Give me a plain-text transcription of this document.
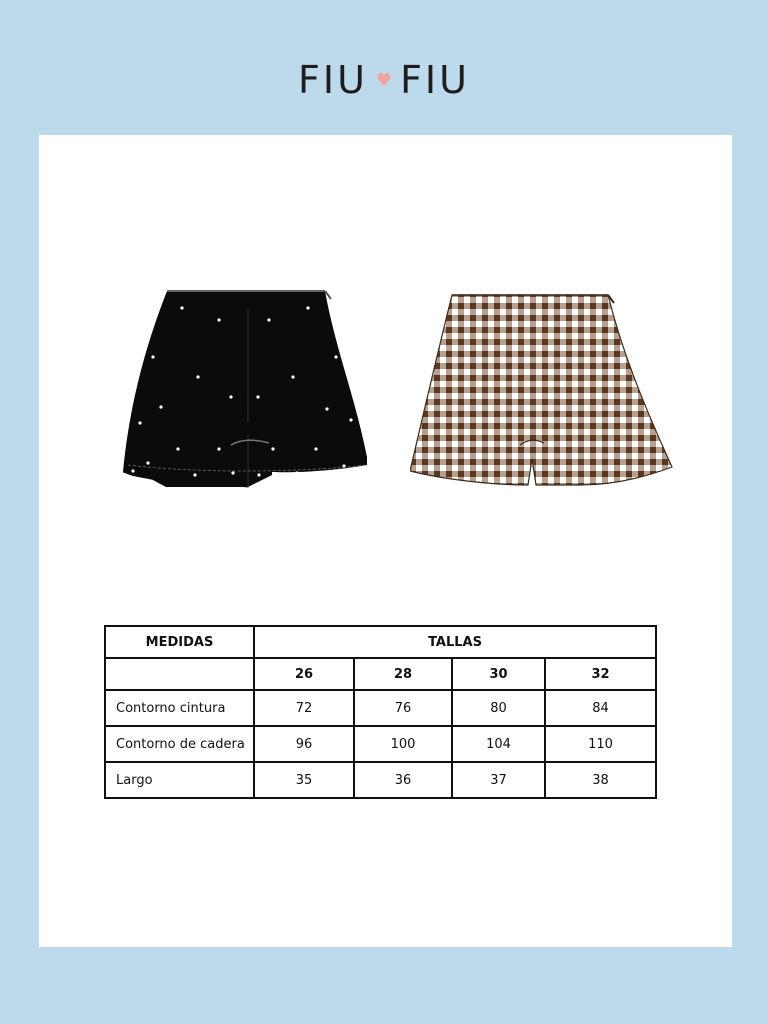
FIU ♥ FIU
MEDIDAS	TALLAS			
	26	28	30	32
Contorno cintura	72	76	80	84
Contorno de cadera	96	100	104	110
Largo	35	36	37	38
